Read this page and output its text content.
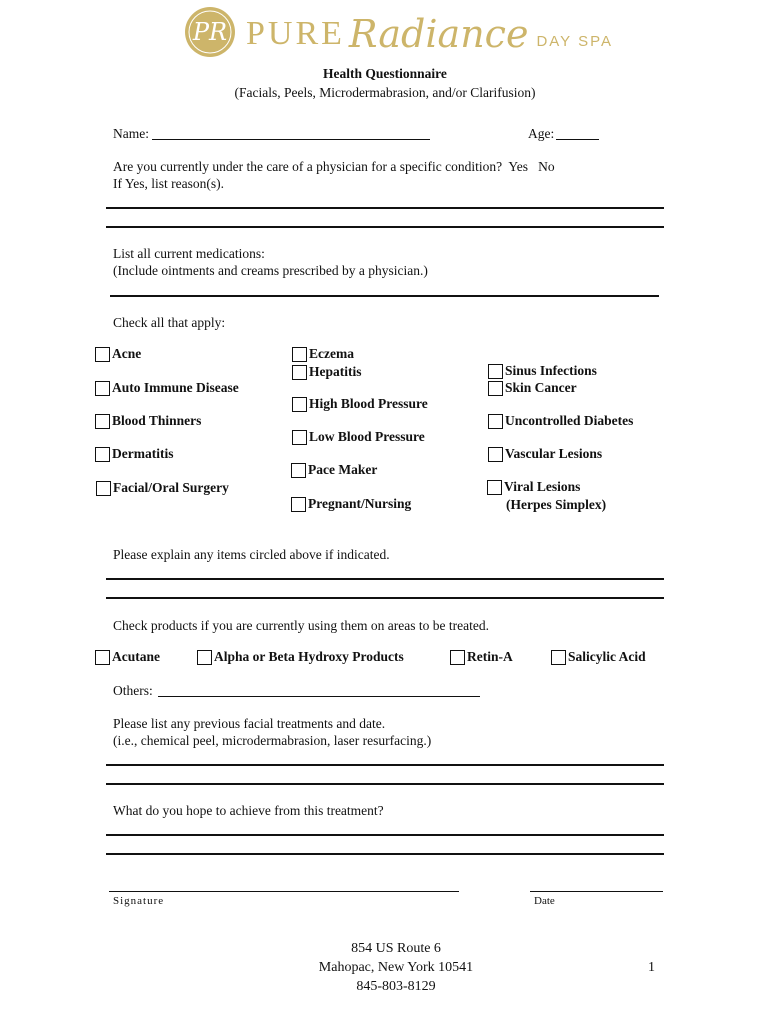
PR PURE Radiance DAY SPA
Health Questionnaire
(Facials, Peels, Microdermabrasion, and/or Clarifusion)
Name:	Age:
Are you currently under the care of a physician for a specific condition? Yes No
If Yes, list reason(s).
List all current medications:
(Include ointments and creams prescribed by a physician.)
Check all that apply:
Acne
Auto Immune Disease
Blood Thinners
Dermatitis
Facial/Oral Surgery
Eczema
Hepatitis
High Blood Pressure
Low Blood Pressure
Pace Maker
Pregnant/Nursing
Sinus Infections
Skin Cancer
Uncontrolled Diabetes
Vascular Lesions
Viral Lesions
(Herpes Simplex)
Please explain any items circled above if indicated.
Check products if you are currently using them on areas to be treated.
Acutane	Alpha or Beta Hydroxy Products	Retin-A	Salicylic Acid
Others:
Please list any previous facial treatments and date.
(i.e., chemical peel, microdermabrasion, laser resurfacing.)
What do you hope to achieve from this treatment?
Signature	Date
854 US Route 6
Mahopac, New York 10541
845-803-8129
1
